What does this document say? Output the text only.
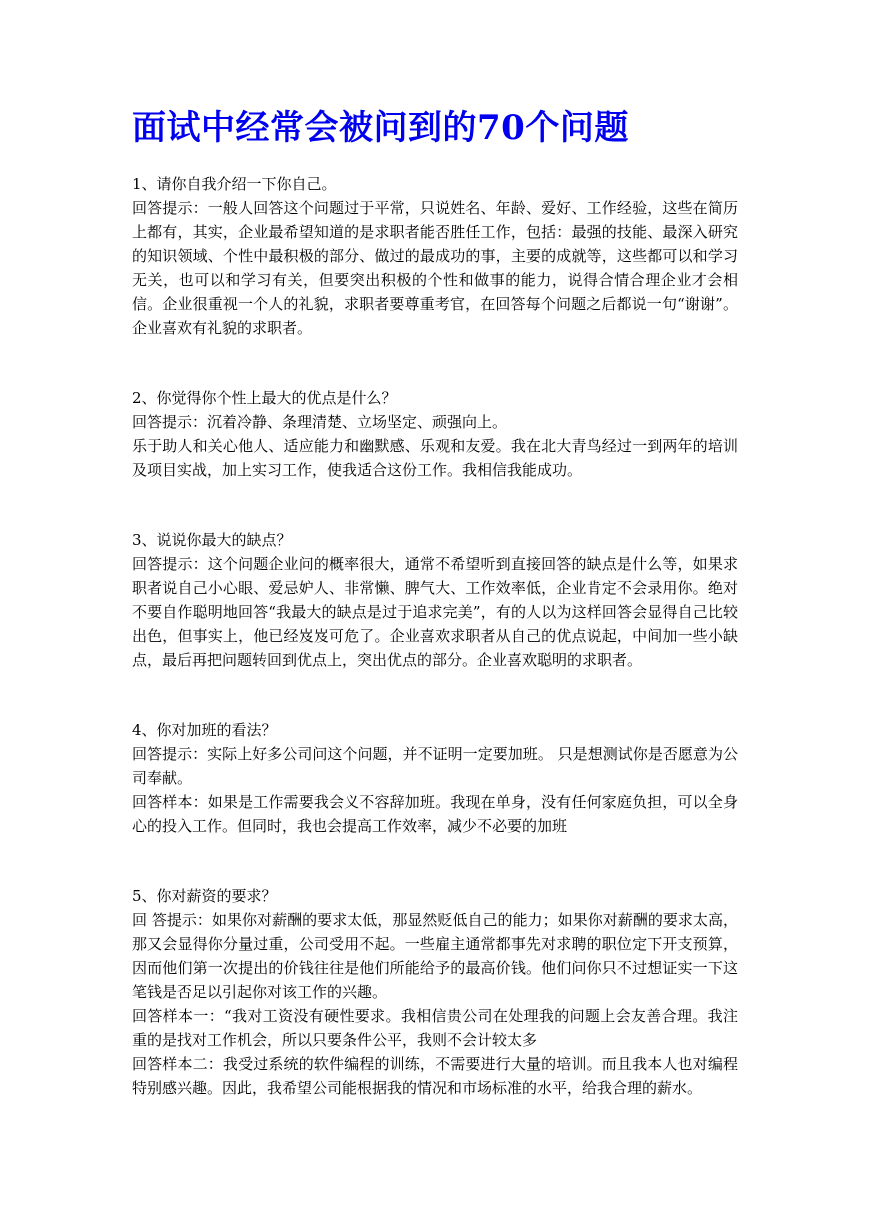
面试中经常会被问到的70个问题

1、请你自我介绍一下你自己。

回答提示：一般人回答这个问题过于平常，只说姓名、年龄、爱好、工作经验，这些在简历上都有，其实，企业最希望知道的是求职者能否胜任工作，包括：最强的技能、最深入研究的知识领域、个性中最积极的部分、做过的最成功的事，主要的成就等，这些都可以和学习无关，也可以和学习有关，但要突出积极的个性和做事的能力，说得合情合理企业才会相信。企业很重视一个人的礼貌，求职者要尊重考官，在回答每个问题之后都说一句“谢谢”。企业喜欢有礼貌的求职者。

2、你觉得你个性上最大的优点是什么？

回答提示：沉着冷静、条理清楚、立场坚定、顽强向上。

乐于助人和关心他人、适应能力和幽默感、乐观和友爱。我在北大青鸟经过一到两年的培训及项目实战，加上实习工作，使我适合这份工作。我相信我能成功。

3、说说你最大的缺点？

回答提示：这个问题企业问的概率很大，通常不希望听到直接回答的缺点是什么等，如果求职者说自己小心眼、爱忌妒人、非常懒、脾气大、工作效率低，企业肯定不会录用你。绝对不要自作聪明地回答“我最大的缺点是过于追求完美”，有的人以为这样回答会显得自己比较出色，但事实上，他已经岌岌可危了。企业喜欢求职者从自己的优点说起，中间加一些小缺点，最后再把问题转回到优点上，突出优点的部分。企业喜欢聪明的求职者。

4、你对加班的看法？

回答提示：实际上好多公司问这个问题，并不证明一定要加班。 只是想测试你是否愿意为公司奉献。

回答样本：如果是工作需要我会义不容辞加班。我现在单身，没有任何家庭负担，可以全身心的投入工作。但同时，我也会提高工作效率，减少不必要的加班

5、你对薪资的要求？

回 答提示：如果你对薪酬的要求太低，那显然贬低自己的能力；如果你对薪酬的要求太高，那又会显得你分量过重，公司受用不起。一些雇主通常都事先对求聘的职位定下开支预算，因而他们第一次提出的价钱往往是他们所能给予的最高价钱。他们问你只不过想证实一下这笔钱是否足以引起你对该工作的兴趣。

回答样本一：“我对工资没有硬性要求。我相信贵公司在处理我的问题上会友善合理。我注重的是找对工作机会，所以只要条件公平，我则不会计较太多

回答样本二：我受过系统的软件编程的训练，不需要进行大量的培训。而且我本人也对编程特别感兴趣。因此，我希望公司能根据我的情况和市场标准的水平，给我合理的薪水。
